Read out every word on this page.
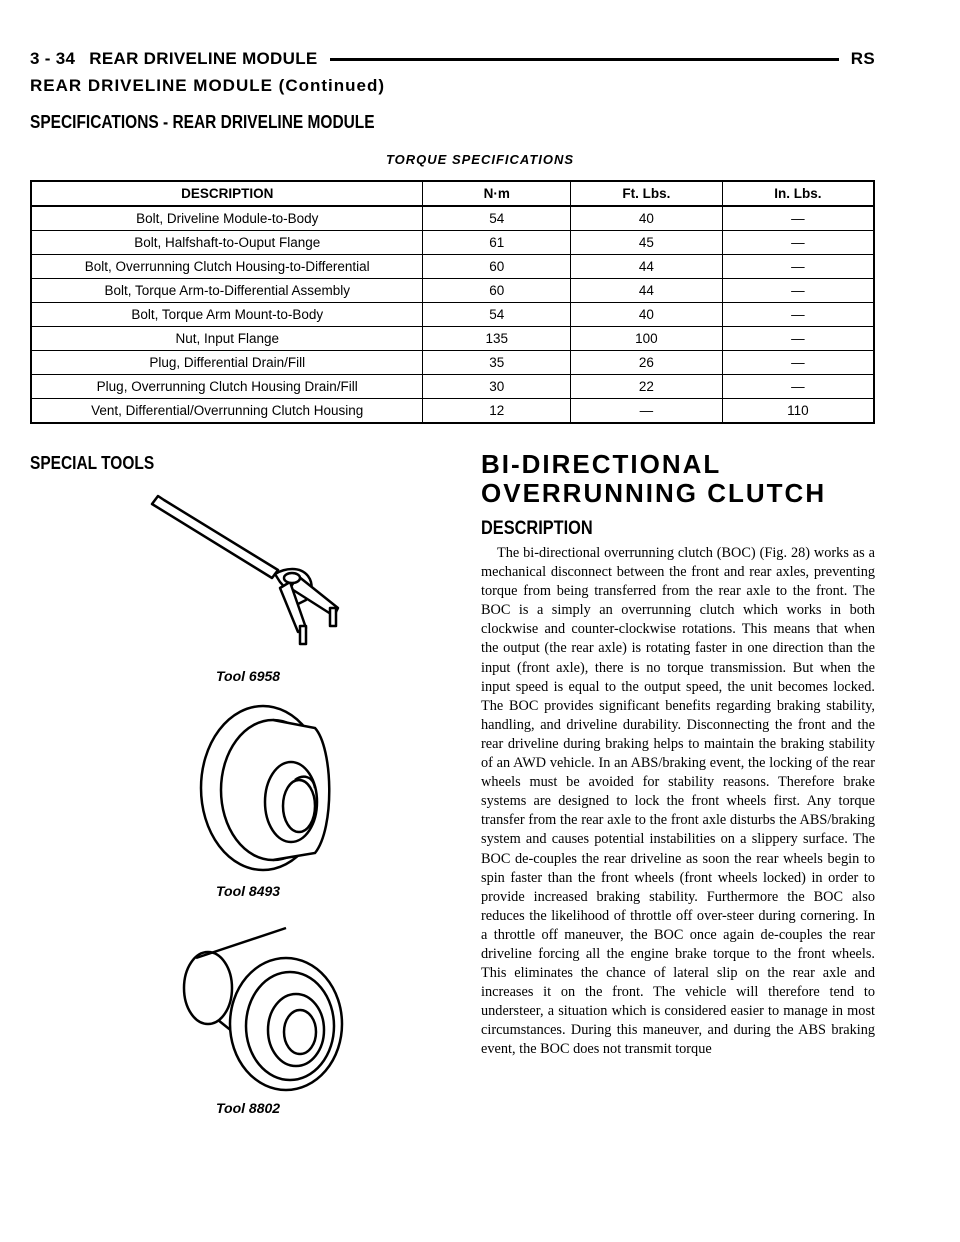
3 - 34 REAR DRIVELINE MODULE	RS
REAR DRIVELINE MODULE (Continued)
SPECIFICATIONS - REAR DRIVELINE MODULE
TORQUE SPECIFICATIONS
DESCRIPTION	N·m	Ft. Lbs.	In. Lbs.
Bolt, Driveline Module-to-Body	54	40	—
Bolt, Halfshaft-to-Ouput Flange	61	45	—
Bolt, Overrunning Clutch Housing-to-Differential	60	44	—
Bolt, Torque Arm-to-Differential Assembly	60	44	—
Bolt, Torque Arm Mount-to-Body	54	40	—
Nut, Input Flange	135	100	—
Plug, Differential Drain/Fill	35	26	—
Plug, Overrunning Clutch Housing Drain/Fill	30	22	—
Vent, Differential/Overrunning Clutch Housing	12	—	110
SPECIAL TOOLS
Tool 6958
Tool 8493
Tool 8802
BI-DIRECTIONAL
OVERRUNNING CLUTCH
DESCRIPTION
The bi-directional overrunning clutch (BOC) (Fig. 28) works as a mechanical disconnect between the front and rear axles, preventing torque from being transferred from the rear axle to the front. The BOC is a simply an overrunning clutch which works in both clockwise and counter-clockwise rotations. This means that when the output (the rear axle) is rotating faster in one direction than the input (front axle), there is no torque transmission. But when the input speed is equal to the output speed, the unit becomes locked. The BOC provides significant benefits regarding braking stability, handling, and driveline durability. Disconnecting the front and the rear driveline during braking helps to maintain the braking stability of an AWD vehicle. In an ABS/braking event, the locking of the rear wheels must be avoided for stability reasons. Therefore brake systems are designed to lock the front wheels first. Any torque transfer from the rear axle to the front axle disturbs the ABS/braking system and causes potential instabilities on a slippery surface. The BOC de-couples the rear driveline as soon the rear wheels begin to spin faster than the front wheels (front wheels locked) in order to provide increased braking stability. Furthermore the BOC also reduces the likelihood of throttle off over-steer during cornering. In a throttle off maneuver, the BOC once again de-couples the rear driveline forcing all the engine brake torque to the front wheels. This eliminates the chance of lateral slip on the rear axle and increases it on the front. The vehicle will therefore tend to understeer, a situation which is considered easier to manage in most circumstances. During this maneuver, and during the ABS braking event, the BOC does not transmit torque
